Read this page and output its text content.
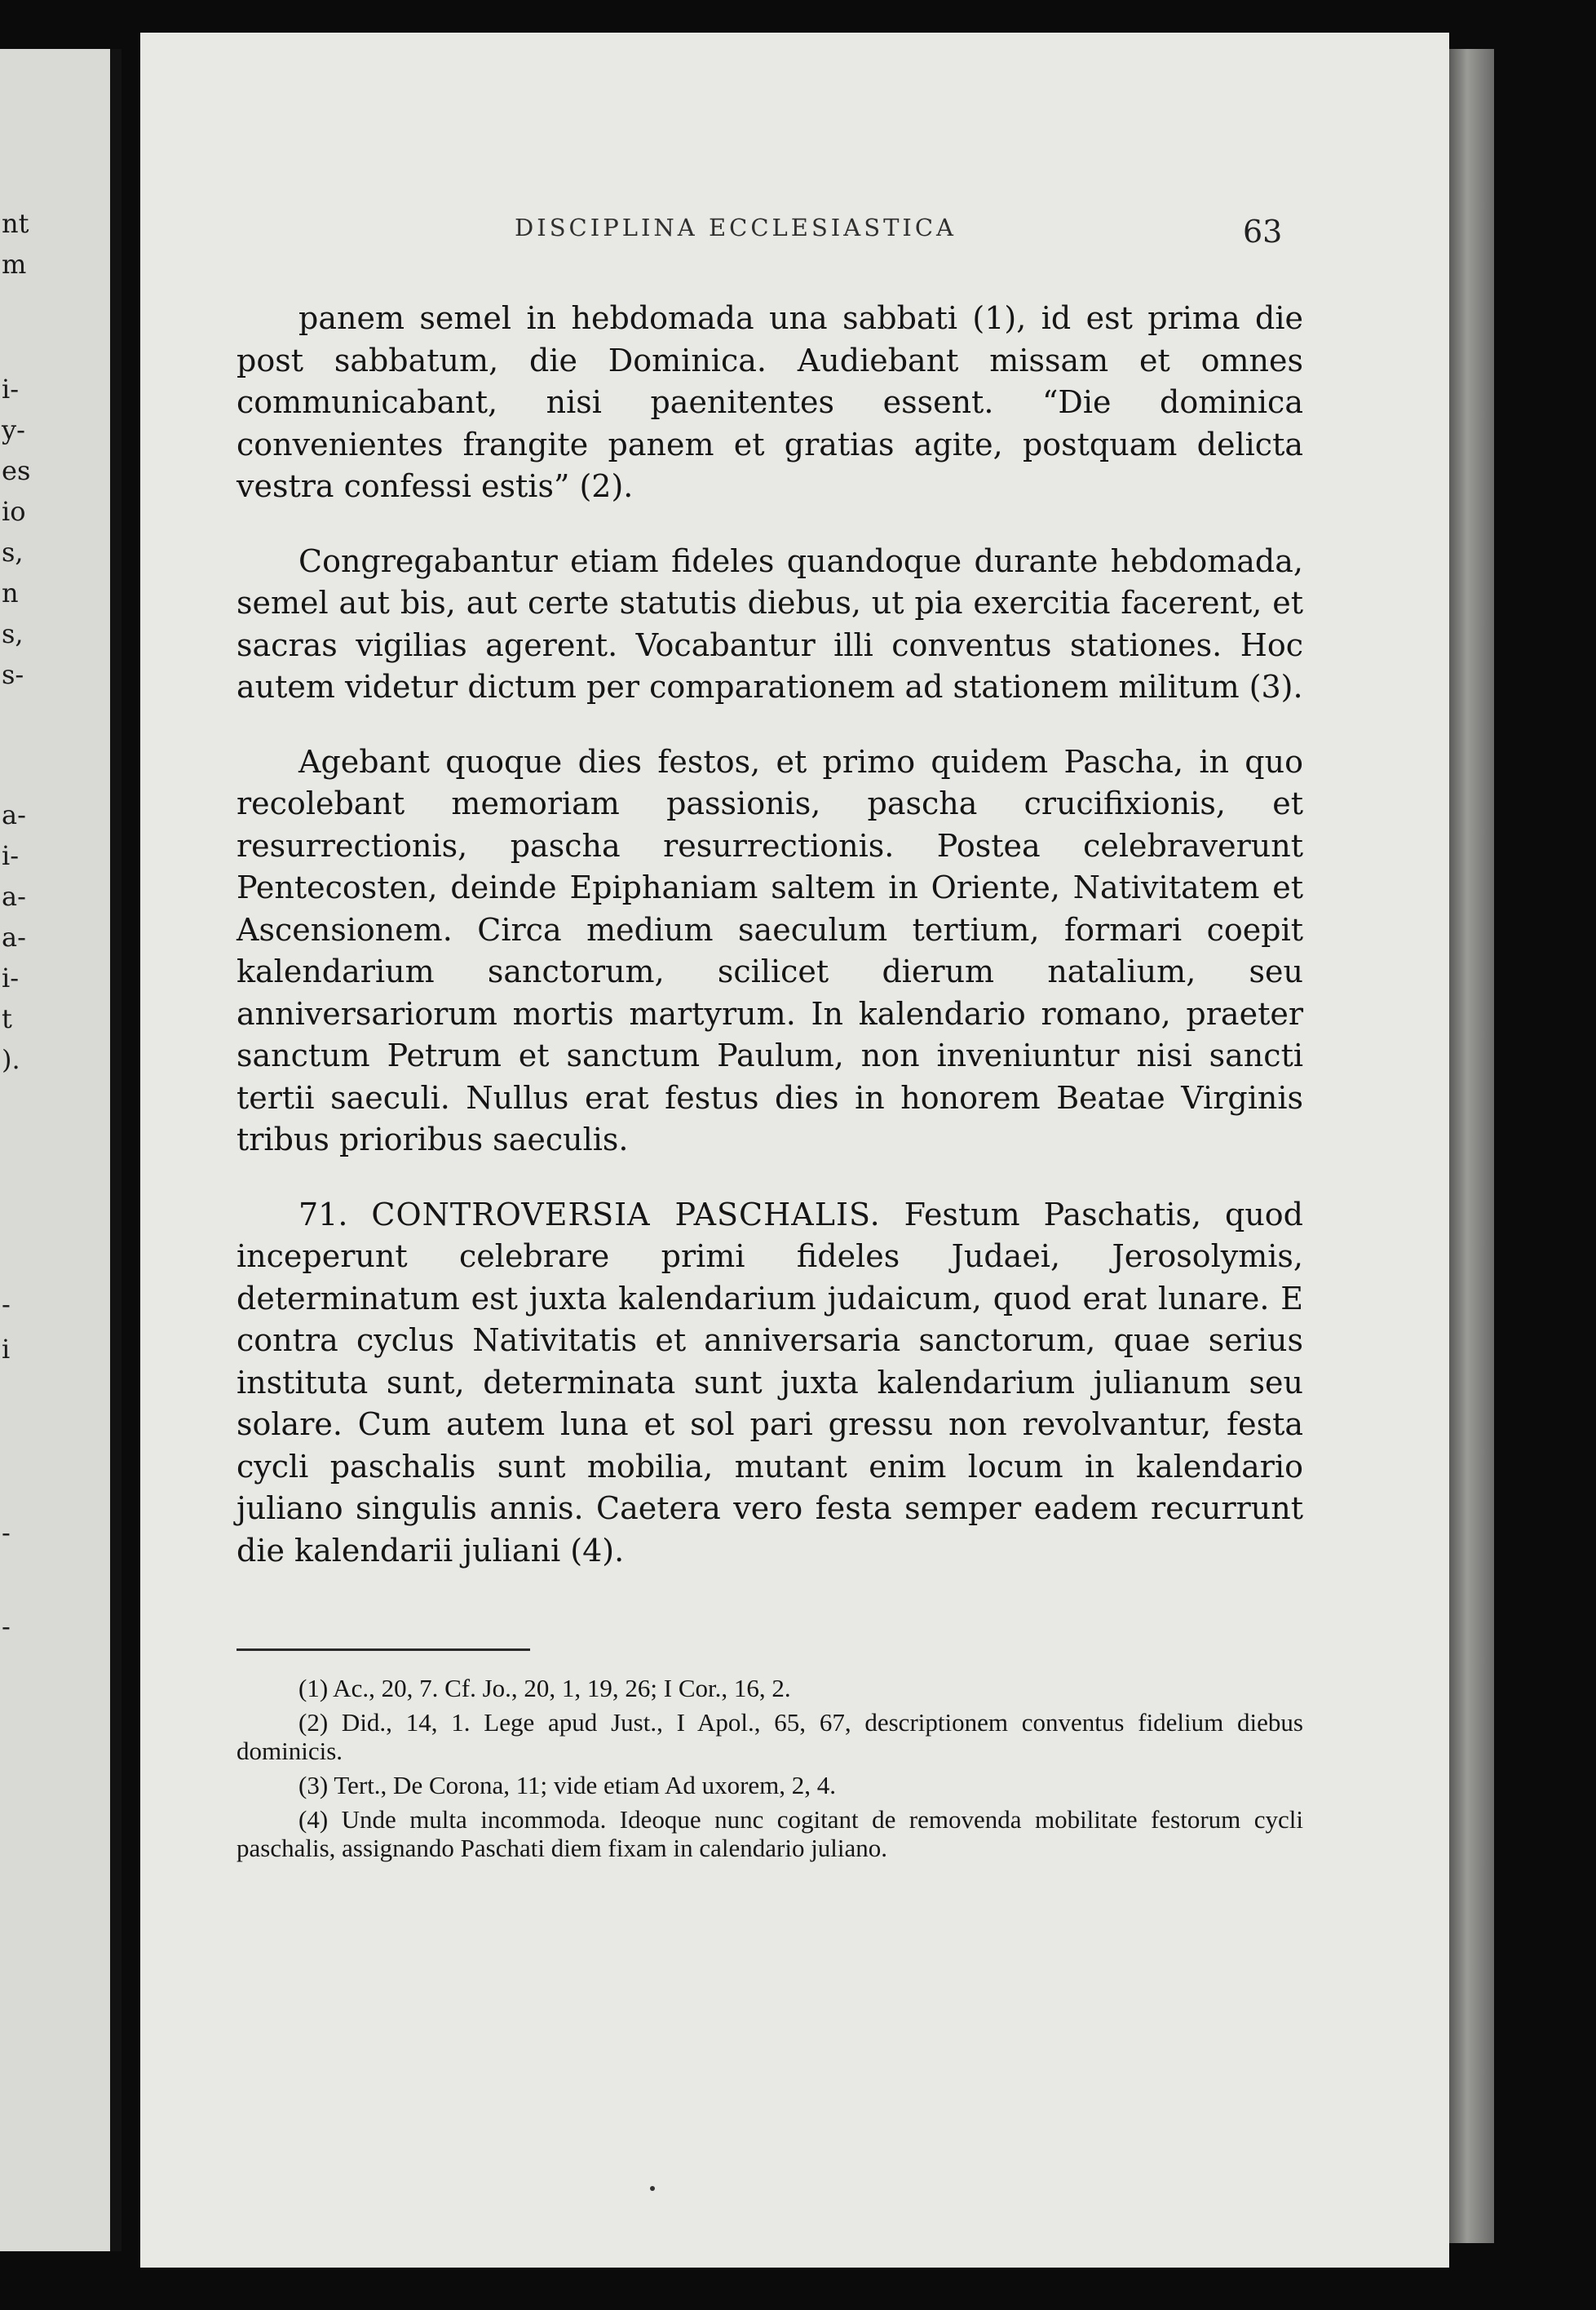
nt
m
i-
y-
es
io
s,
n
s,
s-
a-
i-
a-
a-
i-
t
).
-
i
-
-
DISCIPLINA ECCLESIASTICA	63

panem semel in hebdomada una sabbati (1), id est prima die post sabbatum, die Dominica. Audiebant missam et omnes communicabant, nisi paenitentes essent. “Die dominica convenientes frangite panem et gratias agite, postquam delicta vestra confessi estis” (2).

Congregabantur etiam fideles quandoque durante hebdomada, semel aut bis, aut certe statutis diebus, ut pia exercitia facerent, et sacras vigilias agerent. Vocabantur illi conventus stationes. Hoc autem videtur dictum per comparationem ad stationem militum (3).

Agebant quoque dies festos, et primo quidem Pascha, in quo recolebant memoriam passionis, pascha crucifixionis, et resurrectionis, pascha resurrectionis. Postea celebraverunt Pentecosten, deinde Epiphaniam saltem in Oriente, Nativitatem et Ascensionem. Circa medium saeculum tertium, formari coepit kalendarium sanctorum, scilicet dierum natalium, seu anniversariorum mortis martyrum. In kalendario romano, praeter sanctum Petrum et sanctum Paulum, non inveniuntur nisi sancti tertii saeculi. Nullus erat festus dies in honorem Beatae Virginis tribus prioribus saeculis.

71. CONTROVERSIA PASCHALIS. Festum Paschatis, quod inceperunt celebrare primi fideles Judaei, Jerosolymis, determinatum est juxta kalendarium judaicum, quod erat lunare. E contra cyclus Nativitatis et anniversaria sanctorum, quae serius instituta sunt, determinata sunt juxta kalendarium julianum seu solare. Cum autem luna et sol pari gressu non revolvantur, festa cycli paschalis sunt mobilia, mutant enim locum in kalendario juliano singulis annis. Caetera vero festa semper eadem recurrunt die kalendarii juliani (4).

(1) Ac., 20, 7. Cf. Jo., 20, 1, 19, 26; I Cor., 16, 2.

(2) Did., 14, 1. Lege apud Just., I Apol., 65, 67, descriptionem conventus fidelium diebus dominicis.

(3) Tert., De Corona, 11; vide etiam Ad uxorem, 2, 4.

(4) Unde multa incommoda. Ideoque nunc cogitant de removenda mobilitate festorum cycli paschalis, assignando Paschati diem fixam in calendario juliano.
